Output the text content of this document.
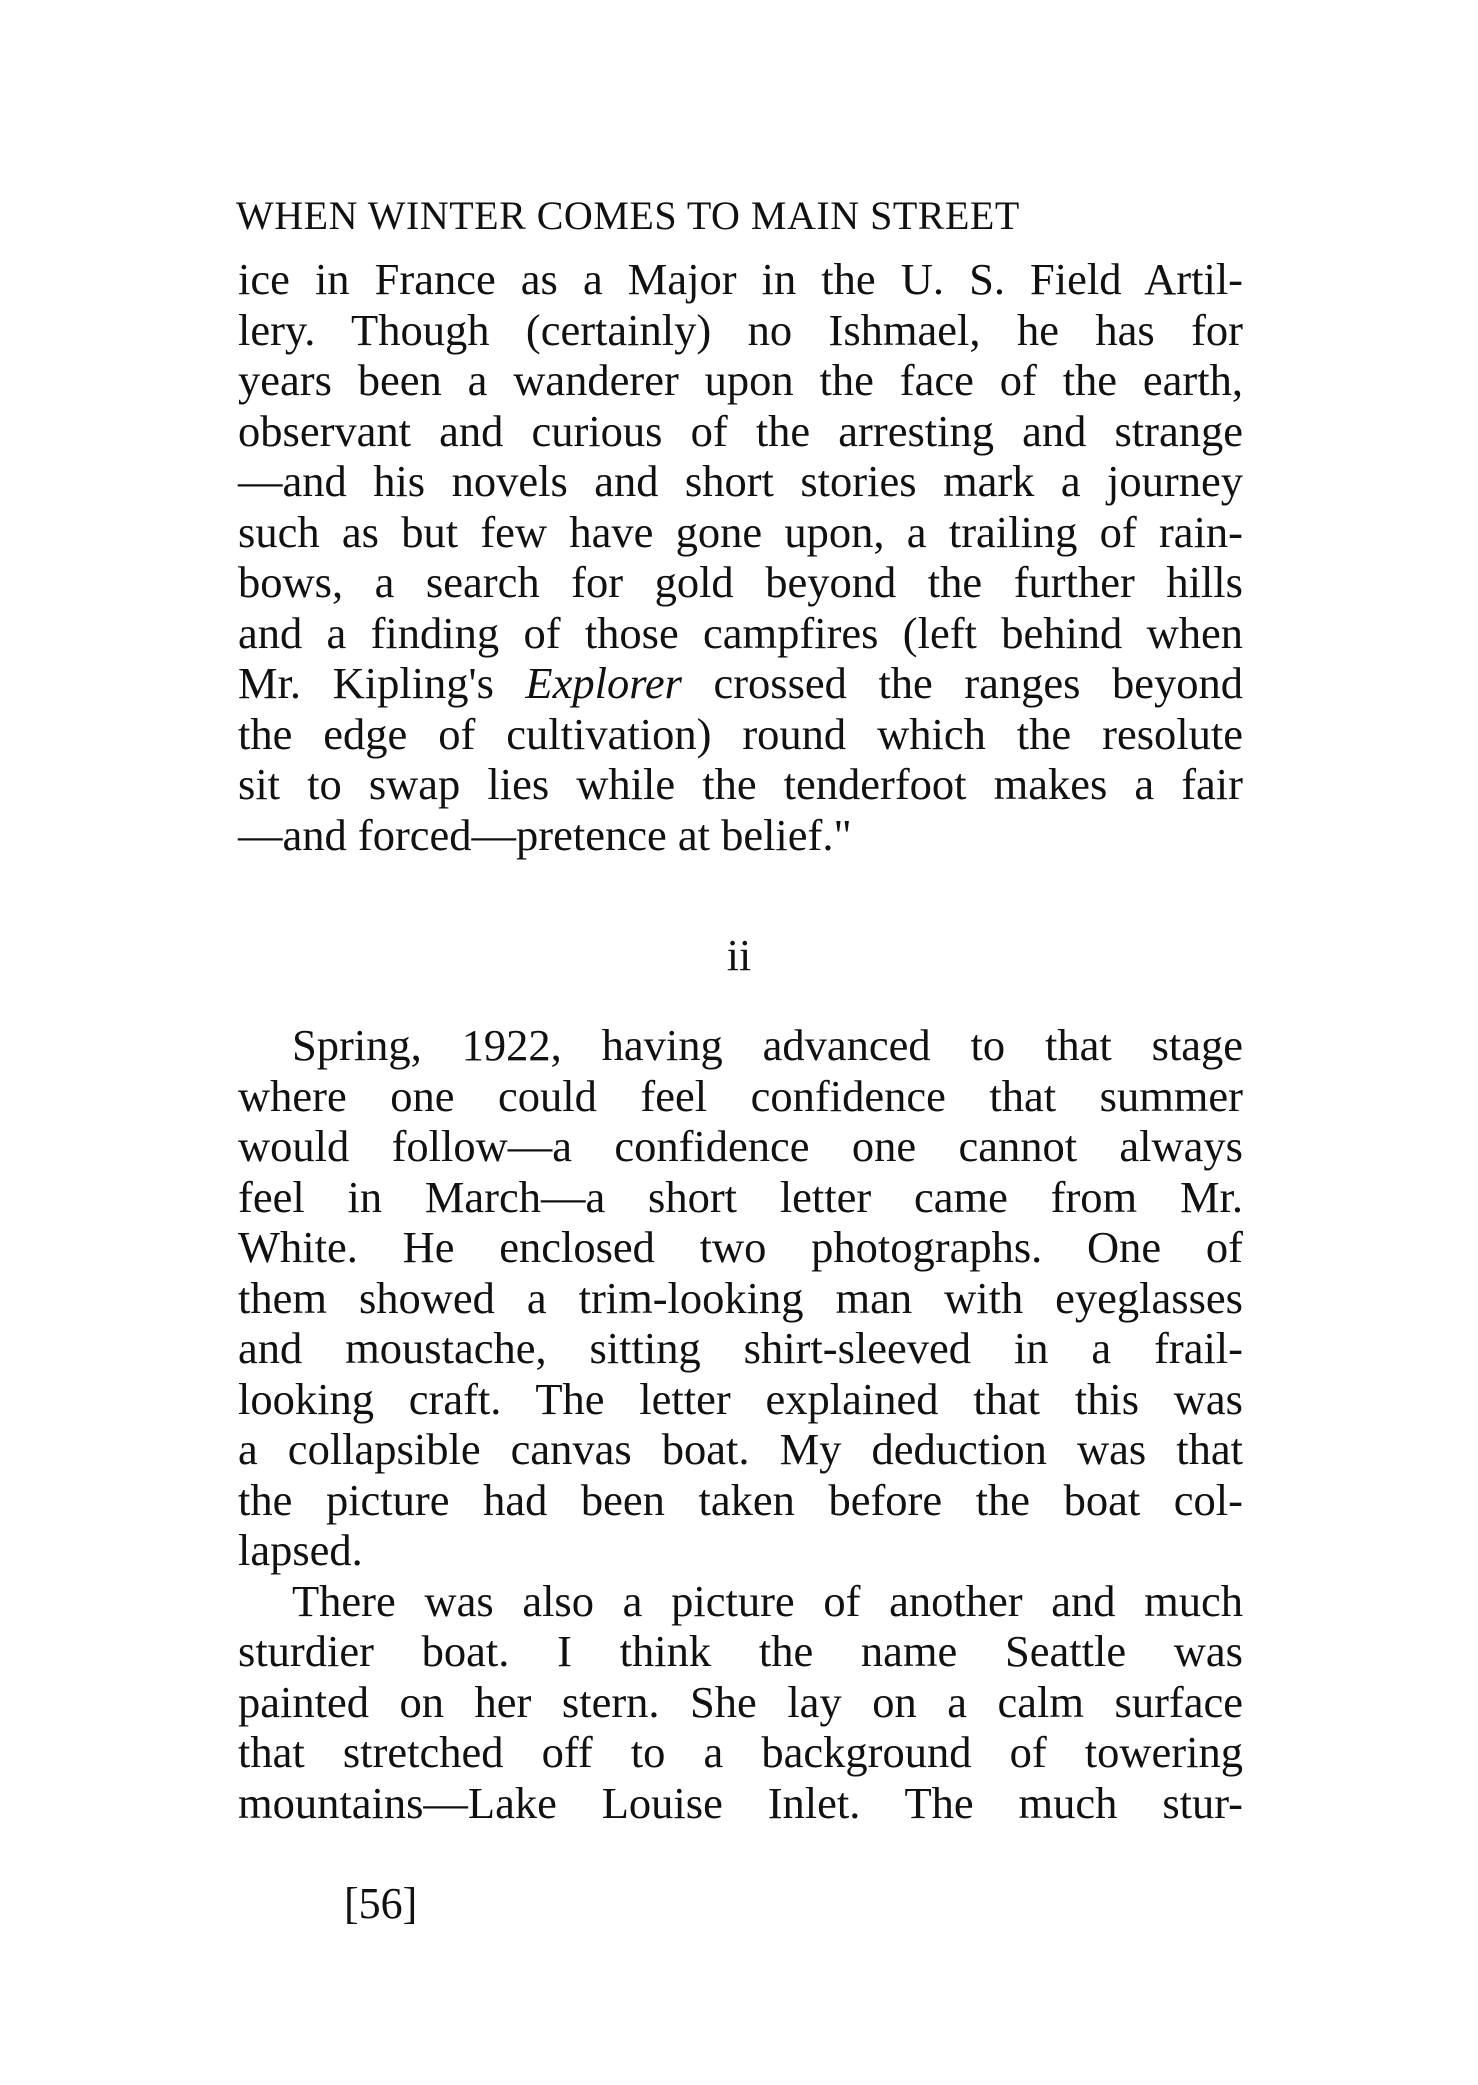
WHEN WINTER COMES TO MAIN STREET
ice in France as a Major in the U. S. Field Artil-
lery. Though (certainly) no Ishmael, he has for
years been a wanderer upon the face of the earth,
observant and curious of the arresting and strange
—and his novels and short stories mark a journey
such as but few have gone upon, a trailing of rain-
bows, a search for gold beyond the further hills
and a finding of those campfires (left behind when
Mr. Kipling's Explorer crossed the ranges beyond
the edge of cultivation) round which the resolute
sit to swap lies while the tenderfoot makes a fair
—and forced—pretence at belief."
ii
Spring, 1922, having advanced to that stage
where one could feel confidence that summer
would follow—a confidence one cannot always
feel in March—a short letter came from Mr.
White. He enclosed two photographs. One of
them showed a trim-looking man with eyeglasses
and moustache, sitting shirt-sleeved in a frail-
looking craft. The letter explained that this was
a collapsible canvas boat. My deduction was that
the picture had been taken before the boat col-
lapsed.
There was also a picture of another and much
sturdier boat. I think the name Seattle was
painted on her stern. She lay on a calm surface
that stretched off to a background of towering
mountains—Lake Louise Inlet. The much stur-
[56]
